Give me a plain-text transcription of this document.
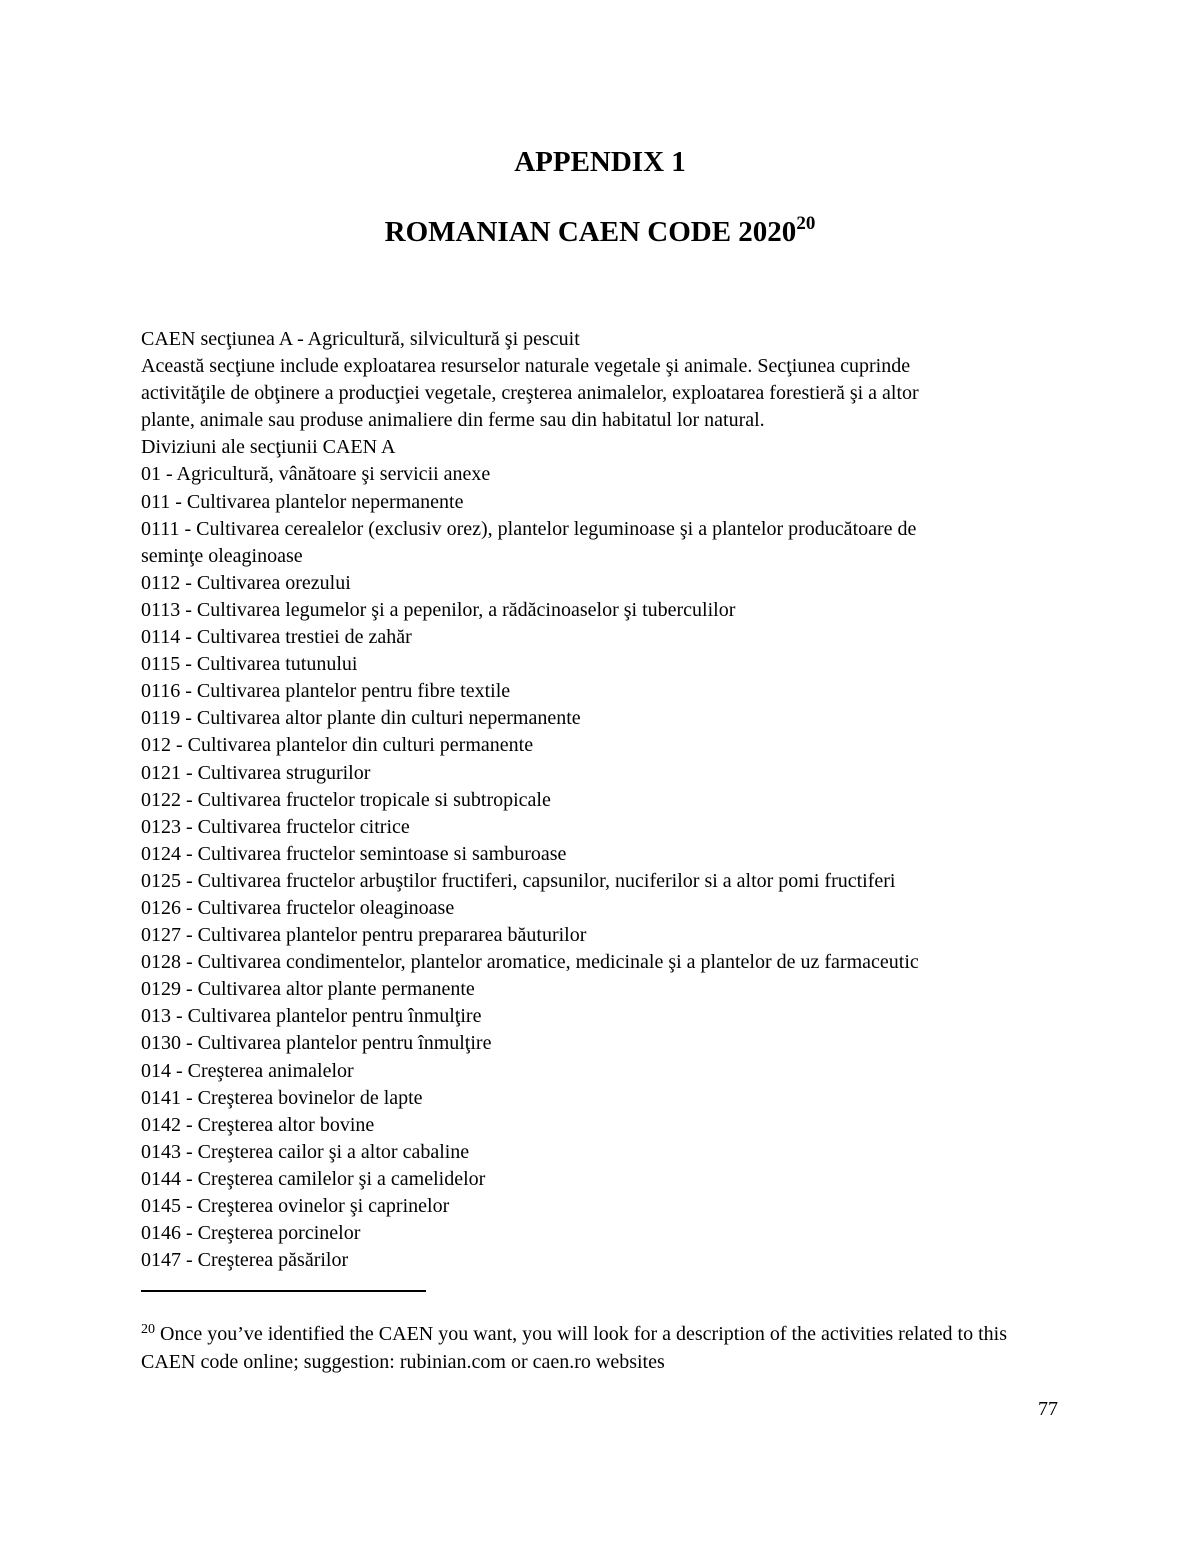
APPENDIX 1
ROMANIAN CAEN CODE 2020$^{20}$

CAEN secţiunea A - Agricultură, silvicultură şi pescuit

Această secţiune include exploatarea resurselor naturale vegetale şi animale. Secţiunea cuprinde

activităţile de obţinere a producţiei vegetale, creşterea animalelor, exploatarea forestieră şi a altor

plante, animale sau produse animaliere din ferme sau din habitatul lor natural.

Diviziuni ale secţiunii CAEN A

01 - Agricultură, vânătoare şi servicii anexe

011 - Cultivarea plantelor nepermanente

0111 - Cultivarea cerealelor (exclusiv orez), plantelor leguminoase şi a plantelor producătoare de

seminţe oleaginoase

0112 - Cultivarea orezului

0113 - Cultivarea legumelor şi a pepenilor, a rădăcinoaselor şi tuberculilor

0114 - Cultivarea trestiei de zahăr

0115 - Cultivarea tutunului

0116 - Cultivarea plantelor pentru fibre textile

0119 - Cultivarea altor plante din culturi nepermanente

012 - Cultivarea plantelor din culturi permanente

0121 - Cultivarea strugurilor

0122 - Cultivarea fructelor tropicale si subtropicale

0123 - Cultivarea fructelor citrice

0124 - Cultivarea fructelor semintoase si samburoase

0125 - Cultivarea fructelor arbuştilor fructiferi, capsunilor, nuciferilor si a altor pomi fructiferi

0126 - Cultivarea fructelor oleaginoase

0127 - Cultivarea plantelor pentru prepararea băuturilor

0128 - Cultivarea condimentelor, plantelor aromatice, medicinale şi a plantelor de uz farmaceutic

0129 - Cultivarea altor plante permanente

013 - Cultivarea plantelor pentru înmulţire

0130 - Cultivarea plantelor pentru înmulţire

014 - Creşterea animalelor

0141 - Creşterea bovinelor de lapte

0142 - Creşterea altor bovine

0143 - Creşterea cailor şi a altor cabaline

0144 - Creşterea camilelor şi a camelidelor

0145 - Creşterea ovinelor şi caprinelor

0146 - Creşterea porcinelor

0147 - Creşterea păsărilor

$^{20}$ Once you’ve identified the CAEN you want, you will look for a description of the activities related to this CAEN code online; suggestion: rubinian.com or caen.ro websites

77
